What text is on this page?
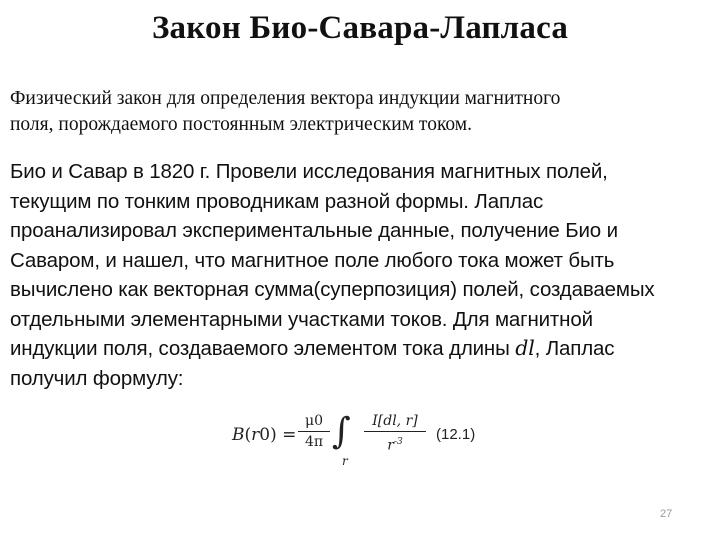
Закон Био-Савара-Лапласа
Физический закон для определения вектора индукции магнитного
поля, порождаемого постоянным электрическим током.
Био и Савар в 1820 г. Провели исследования магнитных полей,
текущим по тонким проводникам разной формы. Лаплас
проанализировал экспериментальные данные, получение Био и
Саваром, и нашел, что магнитное поле любого тока может быть
вычислено как векторная сумма(суперпозиция) полей, создаваемых
отдельными элементарными участками токов. Для магнитной
индукции поля, создаваемого элементом тока длины dl, Лаплас
получил формулу:
B(r0) =
μ0
4π ∫
r
I[dl, r]
$r^{-3}$	(12.1)
27
